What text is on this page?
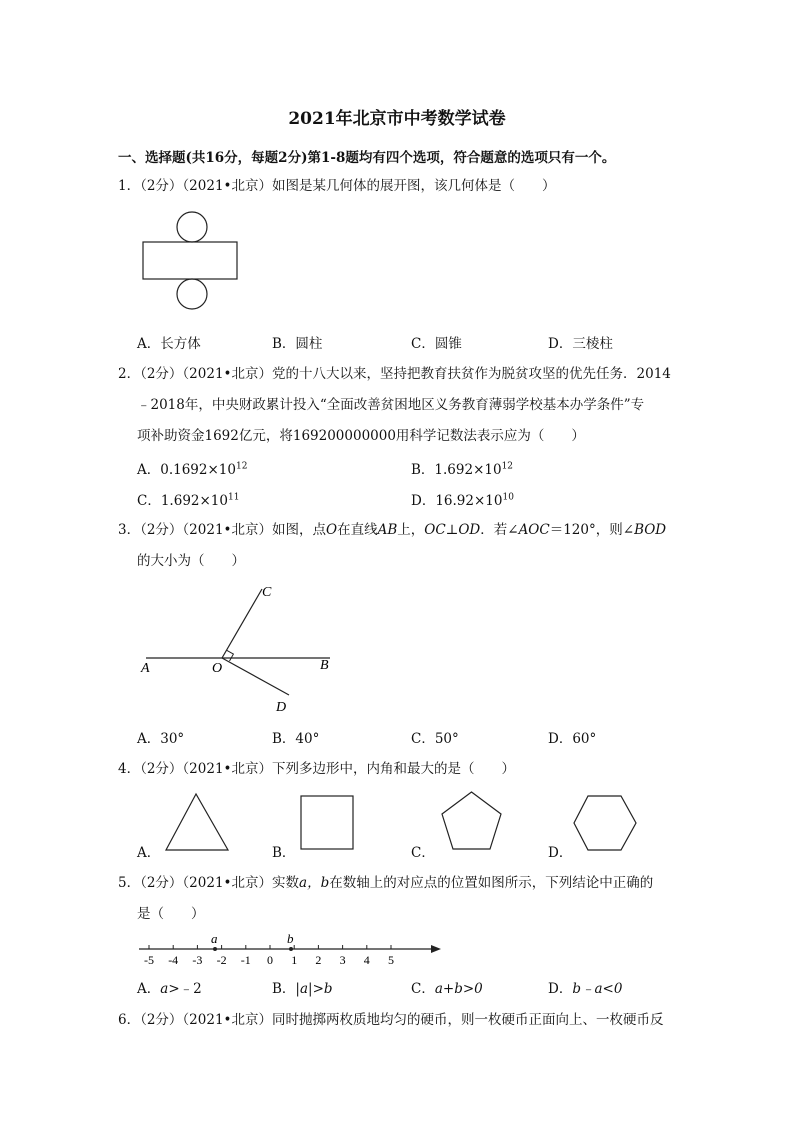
2021年北京市中考数学试卷
一、选择题(共16分，每题2分)第1-8题均有四个选项，符合题意的选项只有一个。
1．（2分）（2021•北京）如图是某几何体的展开图，该几何体是（　　）
A．长方体	B．圆柱	C．圆锥	D．三棱柱
2．（2分）（2021•北京）党的十八大以来，坚持把教育扶贫作为脱贫攻坚的优先任务．2014
﹣2018年，中央财政累计投入“全面改善贫困地区义务教育薄弱学校基本办学条件”专
项补助资金1692亿元，将169200000000用科学记数法表示应为（　　）
A．$0.1692\times 10^{12}$	B．$1.692\times 10^{12}$
C．$1.692\times 10^{11}$	D．$16.92\times 10^{10}$
3．（2分）（2021•北京）如图，点O在直线AB上，OC⊥OD．若∠AOC＝120°，则∠BOD
的大小为（　　）
A	O	B
C
D
A．30°	B．40°	C．50°	D．60°
4．（2分）（2021•北京）下列多边形中，内角和最大的是（　　）
A．	B．	C．	D．
5．（2分）（2021•北京）实数a，b在数轴上的对应点的位置如图所示，下列结论中正确的
是（　　）
-5 -4 -3 -2 -1 0 1 2 3 4 5
a	b
A．a>﹣2	B．|a|>b	C．a+b>0	D．b﹣a<0
6．（2分）（2021•北京）同时抛掷两枚质地均匀的硬币，则一枚硬币正面向上、一枚硬币反
